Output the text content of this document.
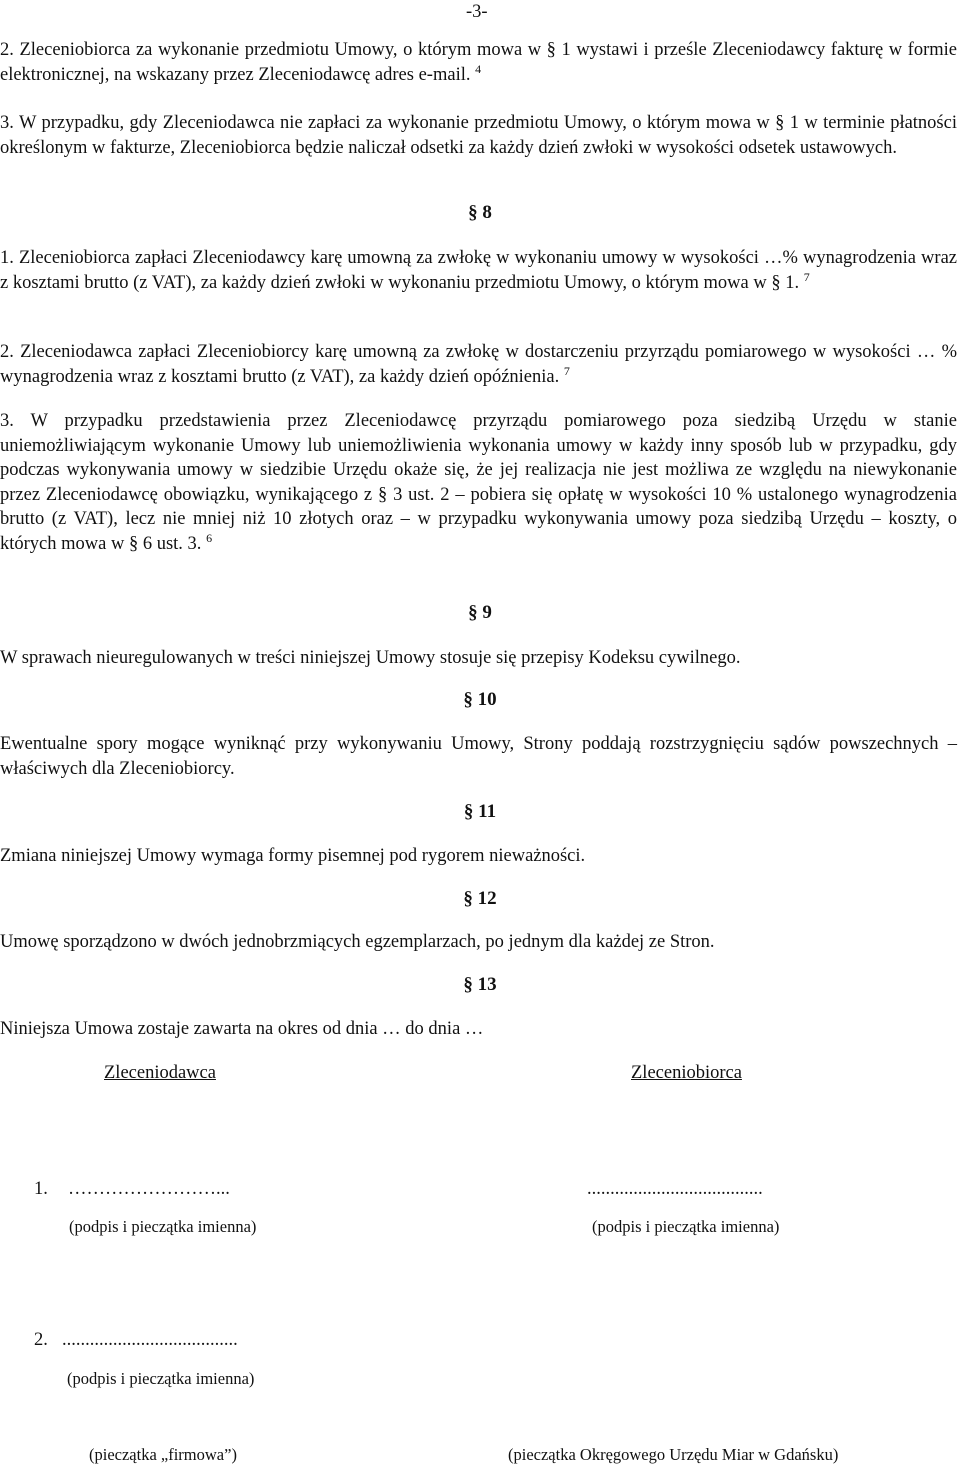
-3-
2. Zleceniobiorca za wykonanie przedmiotu Umowy, o którym mowa w § 1 wystawi i prześle Zleceniodawcy fakturę w formie elektronicznej, na wskazany przez Zleceniodawcę adres e-mail. $^4$
3. W przypadku, gdy Zleceniodawca nie zapłaci za wykonanie przedmiotu Umowy, o którym mowa w § 1 w terminie płatności określonym w fakturze, Zleceniobiorca będzie naliczał odsetki za każdy dzień zwłoki w wysokości odsetek ustawowych.
§ 8
1. Zleceniobiorca zapłaci Zleceniodawcy karę umowną za zwłokę w wykonaniu umowy w wysokości …% wynagrodzenia wraz z kosztami brutto (z VAT), za każdy dzień zwłoki w wykonaniu przedmiotu Umowy, o którym mowa w § 1. $^7$
2. Zleceniodawca zapłaci Zleceniobiorcy karę umowną za zwłokę w dostarczeniu przyrządu pomiarowego w wysokości … % wynagrodzenia wraz z kosztami brutto (z VAT), za każdy dzień opóźnienia. $^7$
3. W przypadku przedstawienia przez Zleceniodawcę przyrządu pomiarowego poza siedzibą Urzędu w stanie uniemożliwiającym wykonanie Umowy lub uniemożliwienia wykonania umowy w każdy inny sposób lub w przypadku, gdy podczas wykonywania umowy w siedzibie Urzędu okaże się, że jej realizacja nie jest możliwa ze względu na niewykonanie przez Zleceniodawcę obowiązku, wynikającego z § 3 ust. 2 – pobiera się opłatę w wysokości 10 % ustalonego wynagrodzenia brutto (z VAT), lecz nie mniej niż 10 złotych oraz – w przypadku wykonywania umowy poza siedzibą Urzędu – koszty, o których mowa w § 6 ust. 3. $^6$
§ 9
W sprawach nieuregulowanych w treści niniejszej Umowy stosuje się przepisy Kodeksu cywilnego.
§ 10
Ewentualne spory mogące wyniknąć przy wykonywaniu Umowy, Strony poddają rozstrzygnięciu sądów powszechnych – właściwych dla Zleceniobiorcy.
§ 11
Zmiana niniejszej Umowy wymaga formy pisemnej pod rygorem nieważności.
§ 12
Umowę sporządzono w dwóch jednobrzmiących egzemplarzach, po jednym dla każdej ze Stron.
§ 13
Niniejsza Umowa zostaje zawarta na okres od dnia … do dnia …
Zleceniodawca	Zleceniobiorca
1. ……………………...	......................................
(podpis i pieczątka imienna)	(podpis i pieczątka imienna)
2. ......................................
(podpis i pieczątka imienna)
(pieczątka „firmowa”)	(pieczątka Okręgowego Urzędu Miar w Gdańsku)
